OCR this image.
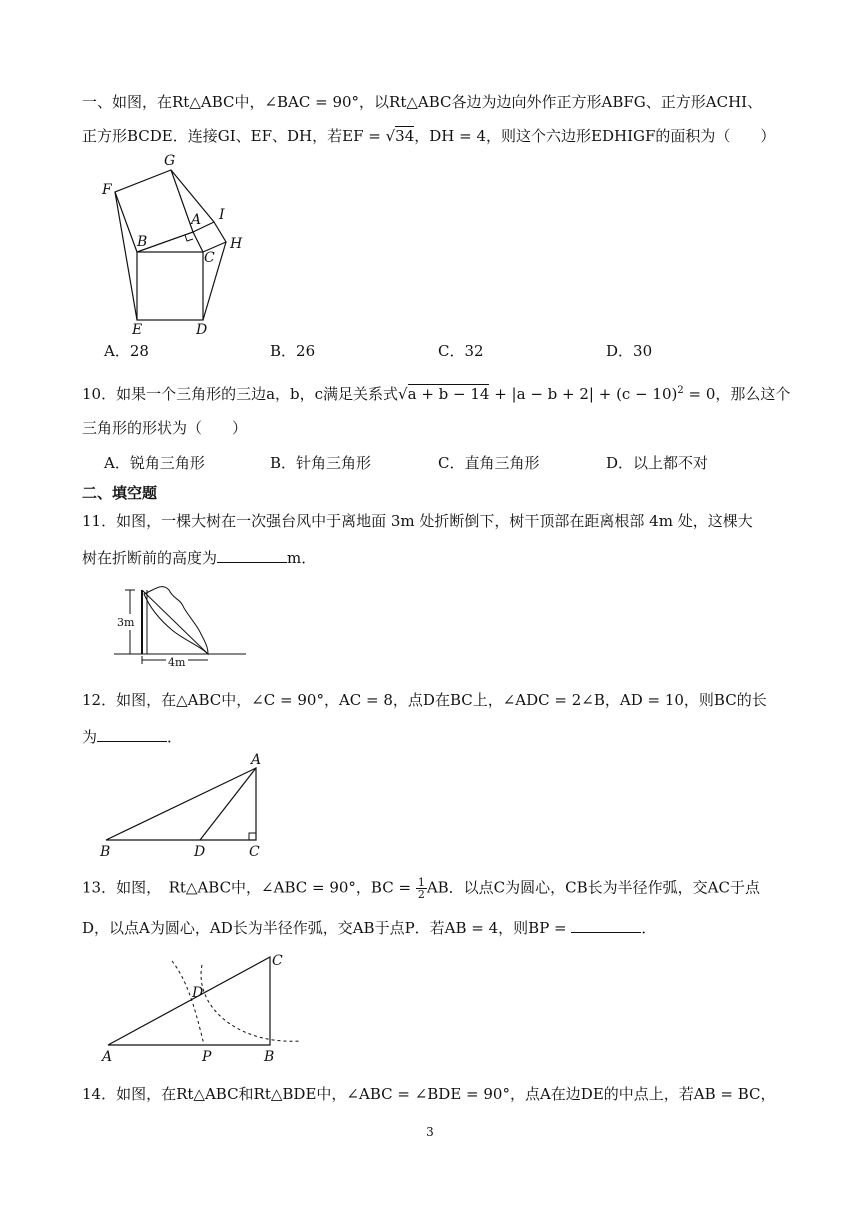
一、如图，在Rt△ABC中，∠BAC = 90°，以Rt△ABC各边为边向外作正方形ABFG、正方形ACHI、
正方形BCDE．连接GI、EF、DH，若EF = √34，DH = 4，则这个六边形EDHIGF的面积为（　　）
G
F
A I
B	H
C
E	D
A．28	B．26	C．32	D．30
10．如果一个三角形的三边a，b，c满足关系式$√a + b - 14 + |a - b + 2| + (c - 10)^2 = 0$，那么这个
三角形的形状为（　　）
A．锐角三角形	B．针角三角形	C．直角三角形	D．以上都不对
二、填空题
11．如图，一棵大树在一次强台风中于离地面 3m 处折断倒下，树干顶部在距离根部 4m 处，这棵大
树在折断前的高度为	m．
3m
4m
12．如图，在△ABC中，∠C = 90°，AC = 8，点D在BC上，∠ADC = 2∠B，AD = 10，则BC的长
为	．
A
B	D	C
13．如图，　Rt△ABC中，∠ABC = 90°，BC = $\frac{1}{2}$ AB．以点C为圆心，CB长为半径作弧，交AC于点
D，以点A为圆心，AD长为半径作弧，交AB于点P．若AB = 4，则BP =	．
C
D
A	P	B
14．如图，在Rt△ABC和Rt△BDE中，∠ABC = ∠BDE = 90°，点A在边DE的中点上，若AB = BC，
3
